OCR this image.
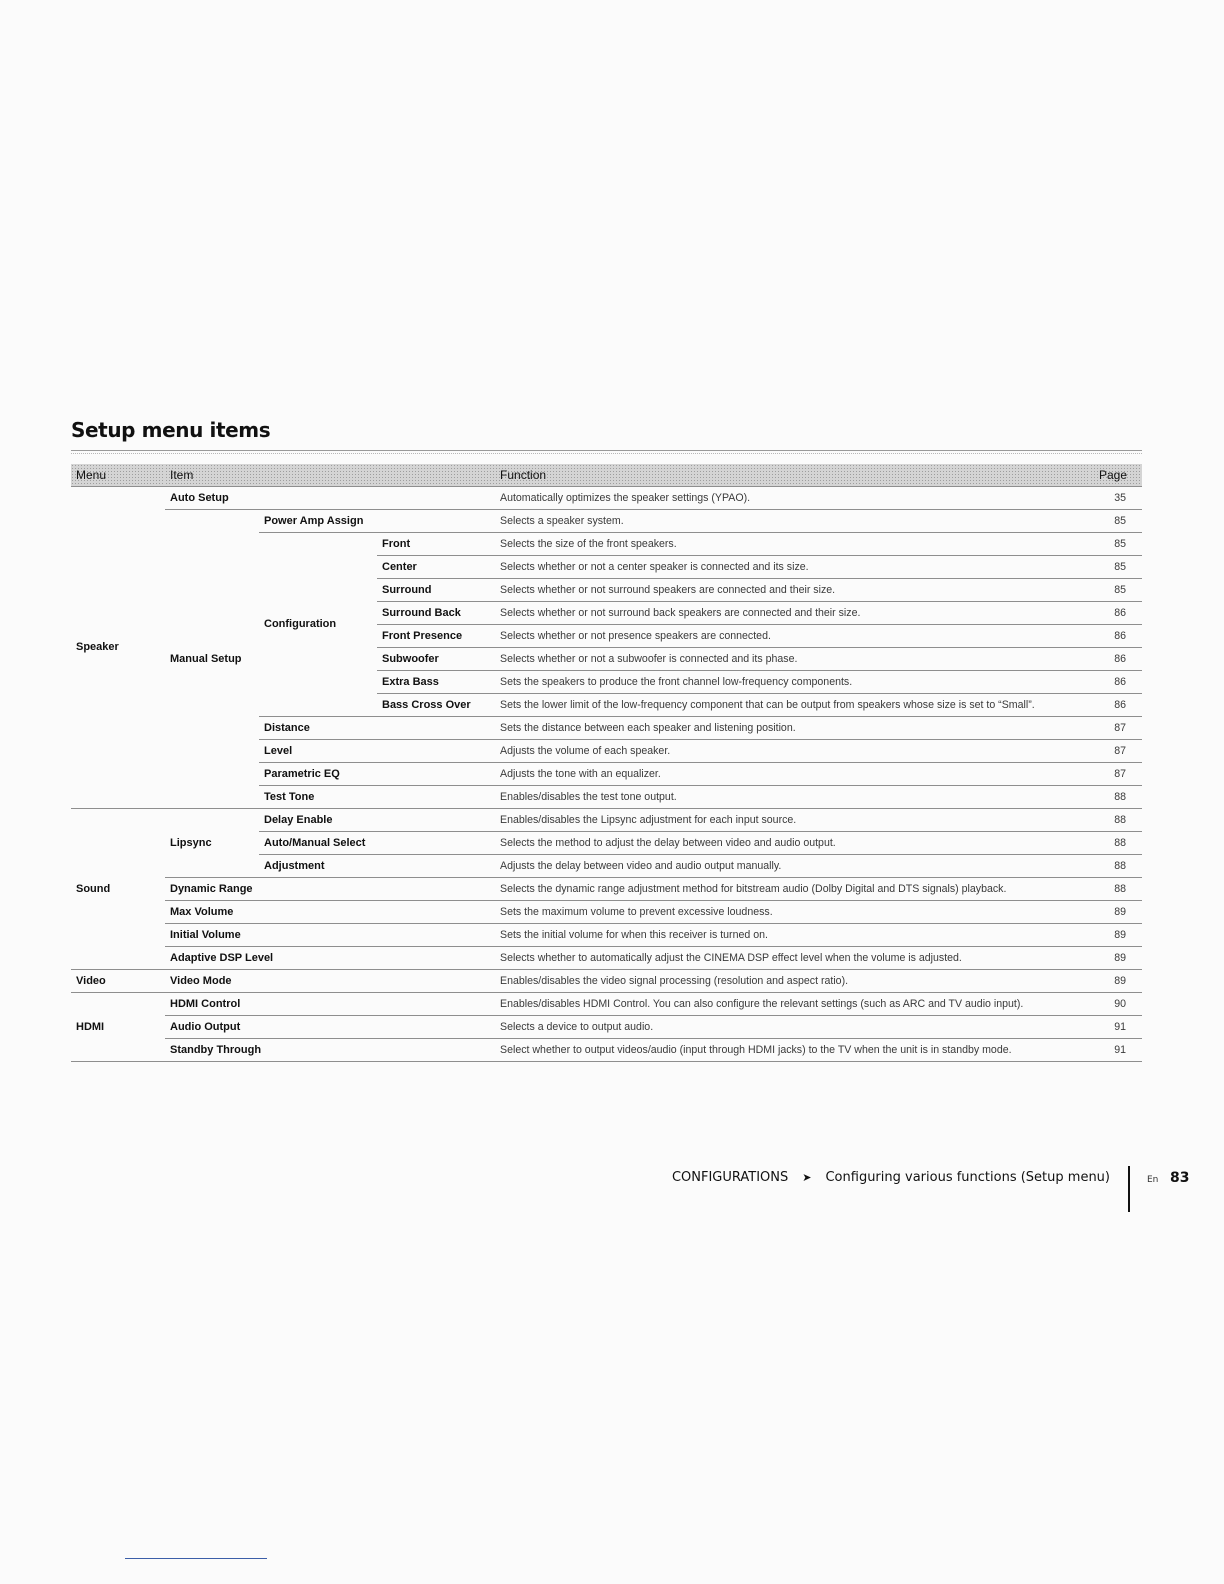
Setup menu items
Menu	Item			Function	Page
Speaker	Auto Setup			Automatically optimizes the speaker settings (YPAO).	35
	Manual Setup	Power Amp Assign		Selects a speaker system.	85
		Configuration	Front	Selects the size of the front speakers.	85
			Center	Selects whether or not a center speaker is connected and its size.	85
			Surround	Selects whether or not surround speakers are connected and their size.	85
			Surround Back	Selects whether or not surround back speakers are connected and their size.	86
			Front Presence	Selects whether or not presence speakers are connected.	86
			Subwoofer	Selects whether or not a subwoofer is connected and its phase.	86
			Extra Bass	Sets the speakers to produce the front channel low-frequency components.	86
			Bass Cross Over	Sets the lower limit of the low-frequency component that can be output from speakers whose size is set to “Small”.	86
		Distance		Sets the distance between each speaker and listening position.	87
		Level		Adjusts the volume of each speaker.	87
		Parametric EQ		Adjusts the tone with an equalizer.	87
		Test Tone		Enables/disables the test tone output.	88
Sound	Lipsync	Delay Enable		Enables/disables the Lipsync adjustment for each input source.	88
		Auto/Manual Select		Selects the method to adjust the delay between video and audio output.	88
		Adjustment		Adjusts the delay between video and audio output manually.	88
	Dynamic Range			Selects the dynamic range adjustment method for bitstream audio (Dolby Digital and DTS signals) playback.	88
	Max Volume			Sets the maximum volume to prevent excessive loudness.	89
	Initial Volume			Sets the initial volume for when this receiver is turned on.	89
	Adaptive DSP Level			Selects whether to automatically adjust the CINEMA DSP effect level when the volume is adjusted.	89
Video	Video Mode			Enables/disables the video signal processing (resolution and aspect ratio).	89
HDMI	HDMI Control			Enables/disables HDMI Control. You can also configure the relevant settings (such as ARC and TV audio input).	90
	Audio Output			Selects a device to output audio.	91
	Standby Through			Select whether to output videos/audio (input through HDMI jacks) to the TV when the unit is in standby mode.	91
CONFIGURATIONS ➤ Configuring various functions (Setup menu)	En 83
